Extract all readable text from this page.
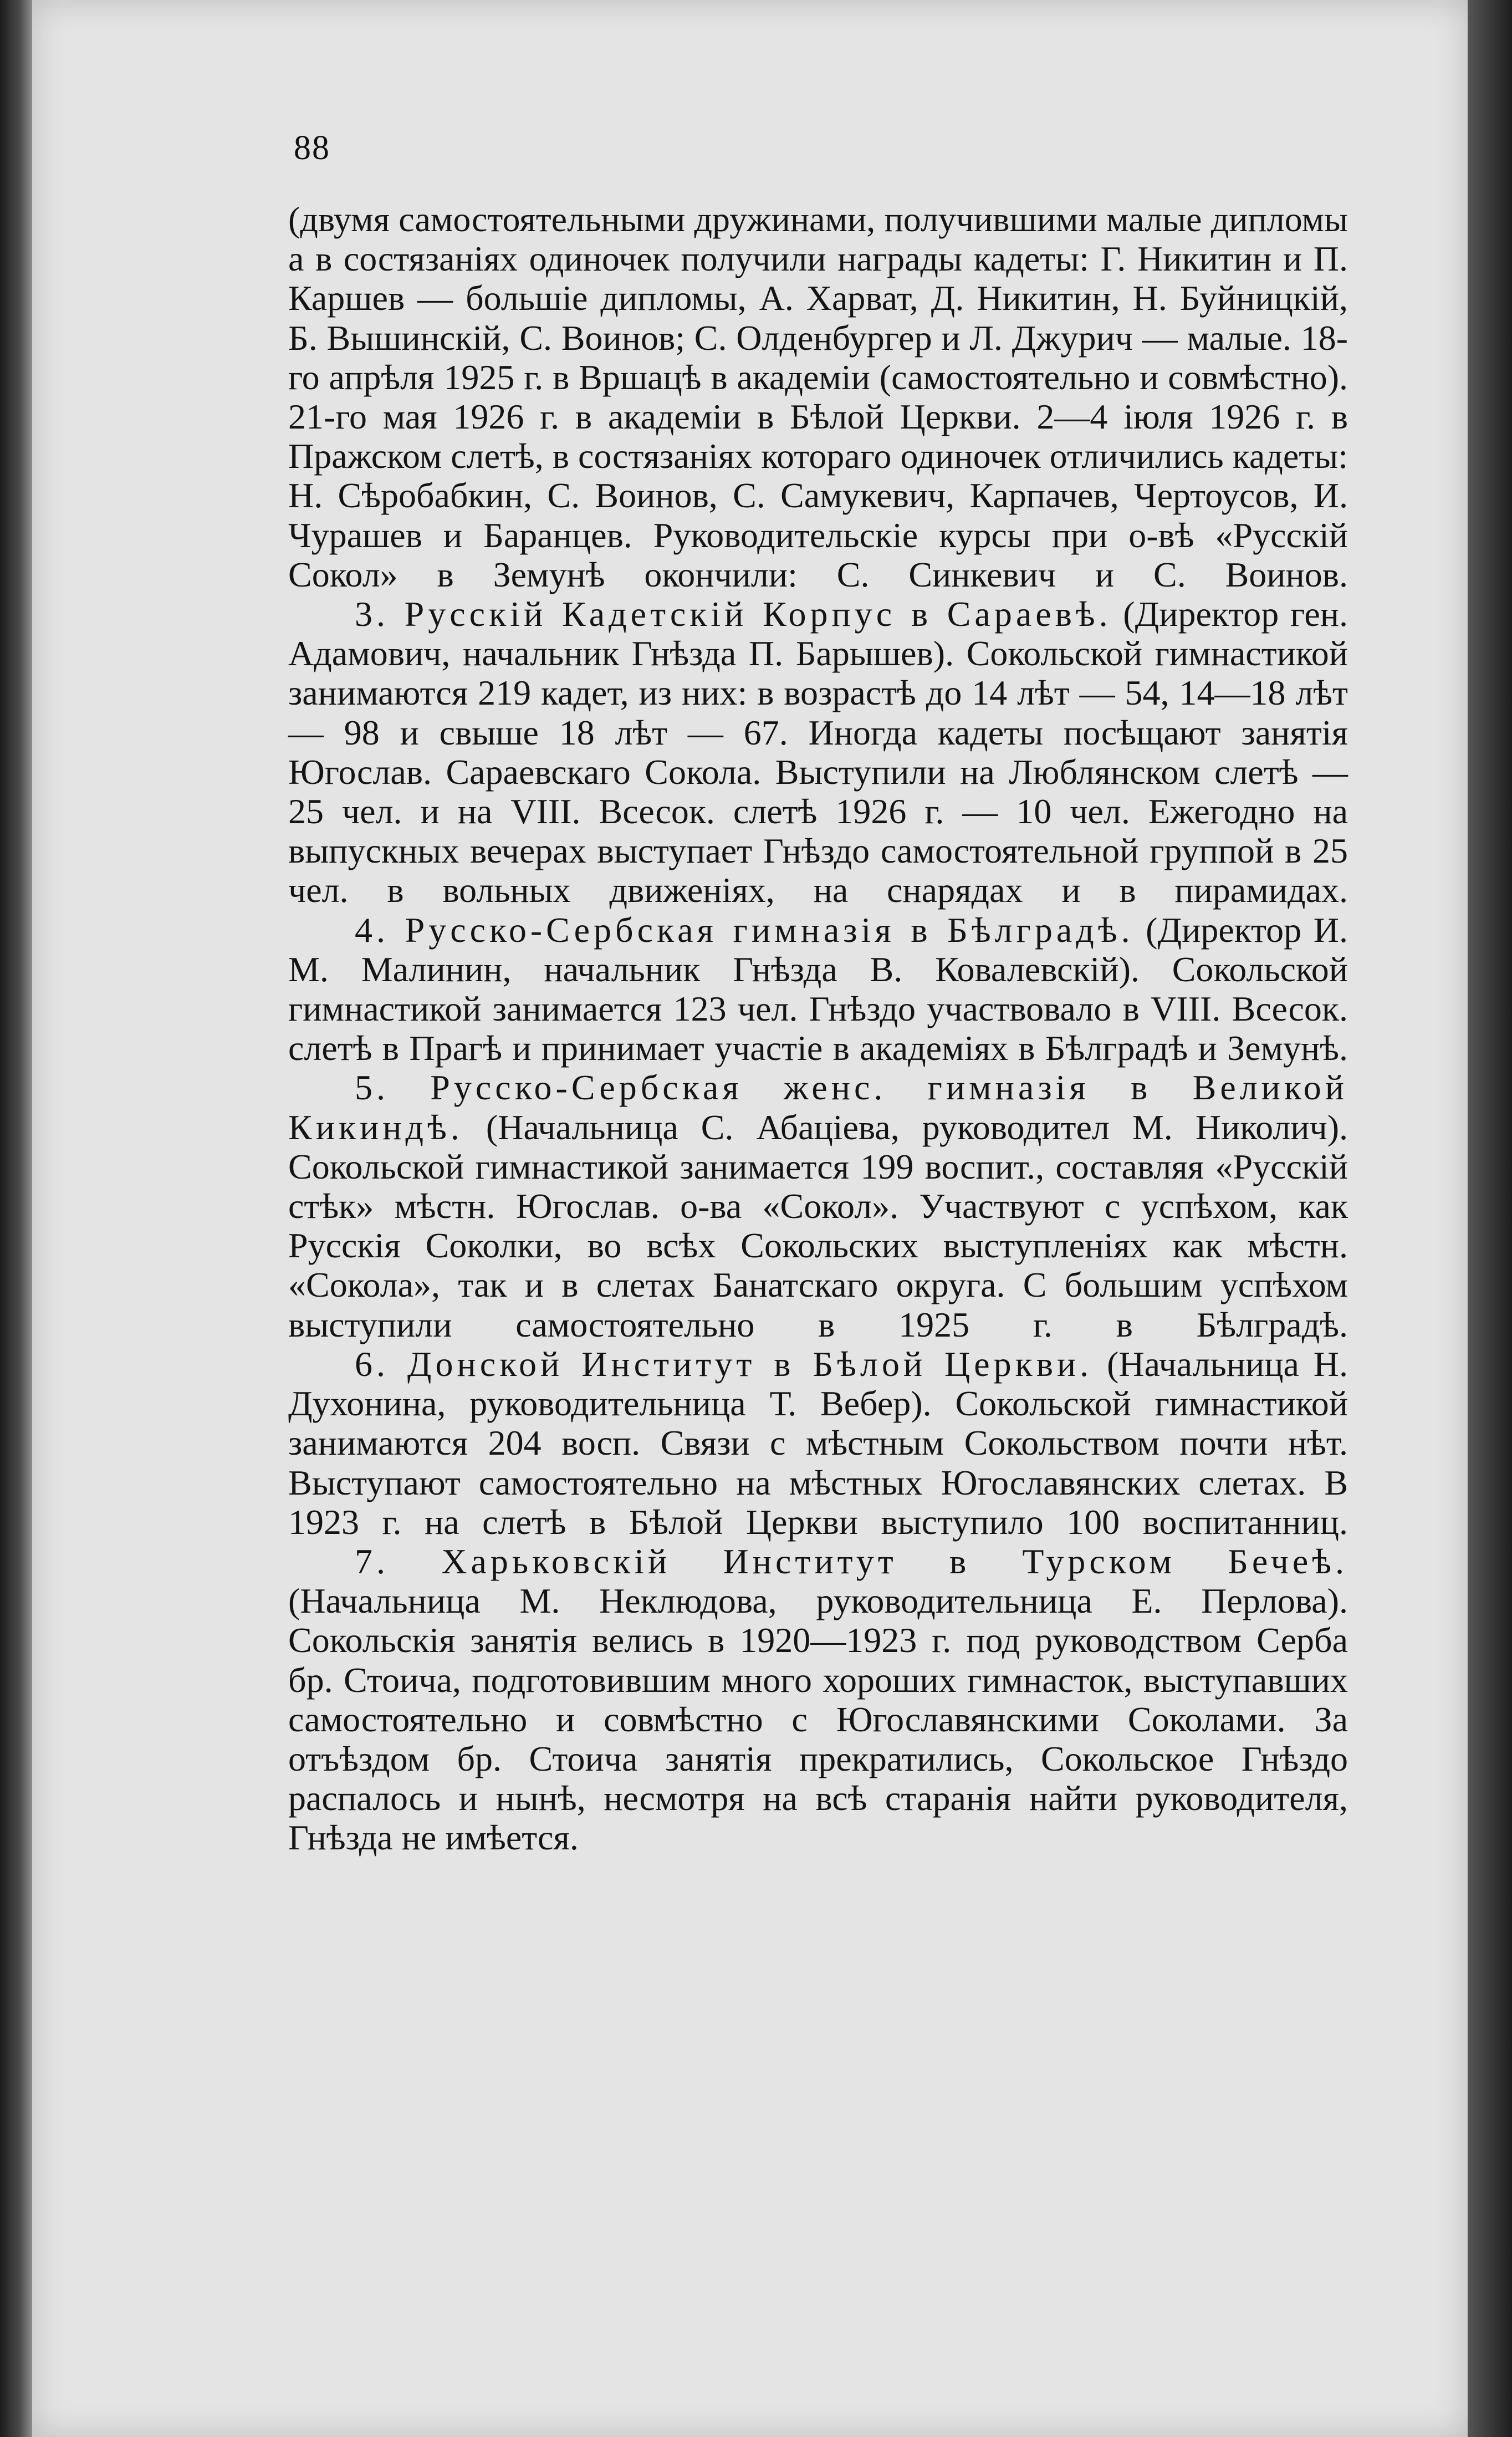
88

(двумя самостоятельными дружинами, получившими малые дипломы а в состязаніях одиночек получили награды кадеты: Г. Никитин и П. Каршев — большіе дипломы, А. Харват, Д. Никитин, Н. Буйницкій, Б. Вышинскій, С. Воинов; С. Олденбургер и Л. Джурич — малые. 18-го апрѣля 1925 г. в Вршацѣ в академіи (самостоятельно и совмѣстно). 21-го мая 1926 г. в академіи в Бѣлой Церкви. 2—4 іюля 1926 г. в Пражском слетѣ, в состязаніях котораго одиночек отличились кадеты: Н. Сѣробабкин, С. Воинов, С. Самукевич, Карпачев, Чертоусов, И. Чурашев и Баранцев. Руководительскіе курсы при о-вѣ «Русскій Сокол» в Земунѣ окончили: С. Синкевич и С. Воинов.

3. Русскій Кадетскій Корпус в Сараевѣ. (Директор ген. Адамович, начальник Гнѣзда П. Барышев). Сокольской гимнастикой занимаются 219 кадет, из них: в возрастѣ до 14 лѣт — 54, 14—18 лѣт — 98 и свыше 18 лѣт — 67. Иногда кадеты посѣщают занятія Югослав. Сараевскаго Сокола. Выступили на Люблянском слетѣ — 25 чел. и на VIII. Всесок. слетѣ 1926 г. — 10 чел. Ежегодно на выпускных вечерах выступает Гнѣздо самостоятельной группой в 25 чел. в вольных движеніях, на снарядах и в пирамидах.

4. Русско-Сербская гимназія в Бѣлградѣ. (Директор И. М. Малинин, начальник Гнѣзда В. Ковалевскій). Сокольской гимнастикой занимается 123 чел. Гнѣздо участвовало в VIII. Всесок. слетѣ в Прагѣ и принимает участіе в академіях в Бѣлградѣ и Земунѣ.

5. Русско-Сербская женс. гимназія в Великой Кикиндѣ. (Начальница С. Абаціева, руководител М. Николич). Сокольской гимнастикой занимается 199 воспит., составляя «Русскій стѣк» мѣстн. Югослав. о-ва «Сокол». Участвуют с успѣхом, как Русскія Соколки, во всѣх Сокольских выступленіях как мѣстн. «Сокола», так и в слетах Банатскаго округа. С большим успѣхом выступили самостоятельно в 1925 г. в Бѣлградѣ.

6. Донской Институт в Бѣлой Церкви. (Начальница Н. Духонина, руководительница Т. Вебер). Сокольской гимнастикой занимаются 204 восп. Связи с мѣстным Сокольством почти нѣт. Выступают самостоятельно на мѣстных Югославянских слетах. В 1923 г. на слетѣ в Бѣлой Церкви выступило 100 воспитанниц.

7. Харьковскій Институт в Турском Бечеѣ. (Начальница М. Неклюдова, руководительница Е. Перлова). Сокольскія занятія велись в 1920—1923 г. под руководством Серба бр. Стоича, подготовившим много хороших гимнасток, выступавших самостоятельно и совмѣстно с Югославянскими Соколами. За отъѣздом бр. Стоича занятія прекратились, Сокольское Гнѣздо распалось и нынѣ, несмотря на всѣ старанія найти руководителя, Гнѣзда не имѣется.
